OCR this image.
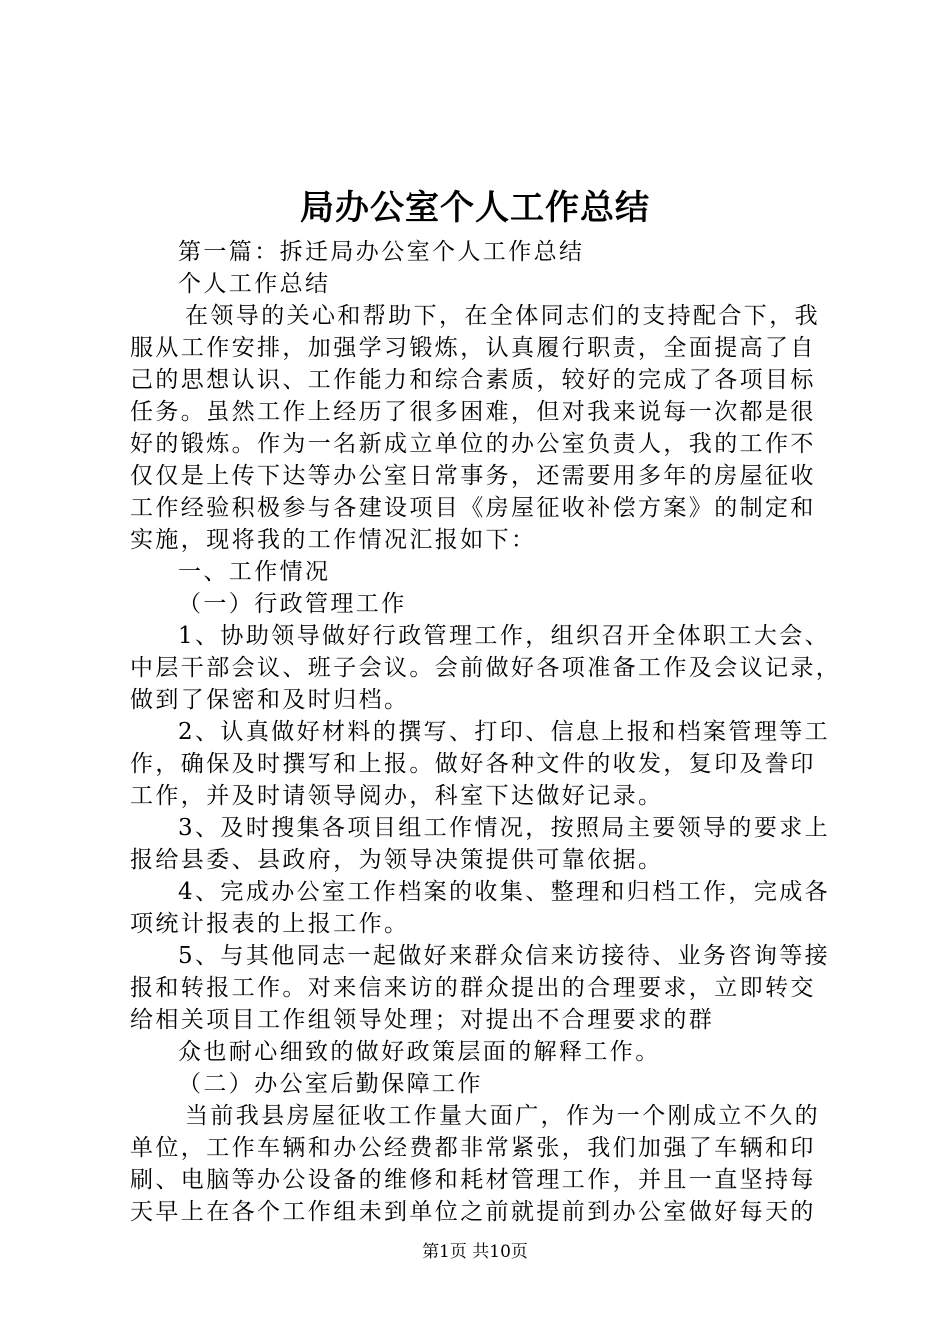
局办公室个人工作总结
第一篇：拆迁局办公室个人工作总结
个人工作总结
在领导的关心和帮助下，在全体同志们的支持配合下，我
服从工作安排，加强学习锻炼，认真履行职责，全面提高了自
己的思想认识、工作能力和综合素质，较好的完成了各项目标
任务。虽然工作上经历了很多困难，但对我来说每一次都是很
好的锻炼。作为一名新成立单位的办公室负责人，我的工作不
仅仅是上传下达等办公室日常事务，还需要用多年的房屋征收
工作经验积极参与各建设项目《房屋征收补偿方案》的制定和
实施，现将我的工作情况汇报如下：
一、工作情况
（一）行政管理工作
1、协助领导做好行政管理工作，组织召开全体职工大会、
中层干部会议、班子会议。会前做好各项准备工作及会议记录，
做到了保密和及时归档。
2、认真做好材料的撰写、打印、信息上报和档案管理等工
作，确保及时撰写和上报。做好各种文件的收发，复印及誊印
工作，并及时请领导阅办，科室下达做好记录。
3、及时搜集各项目组工作情况，按照局主要领导的要求上
报给县委、县政府，为领导决策提供可靠依据。
4、完成办公室工作档案的收集、整理和归档工作，完成各
项统计报表的上报工作。
5、与其他同志一起做好来群众信来访接待、业务咨询等接
报和转报工作。对来信来访的群众提出的合理要求，立即转交
给相关项目工作组领导处理；对提出不合理要求的群
众也耐心细致的做好政策层面的解释工作。
（二）办公室后勤保障工作
当前我县房屋征收工作量大面广，作为一个刚成立不久的
单位，工作车辆和办公经费都非常紧张，我们加强了车辆和印
刷、电脑等办公设备的维修和耗材管理工作，并且一直坚持每
天早上在各个工作组未到单位之前就提前到办公室做好每天的
第1页 共10页
